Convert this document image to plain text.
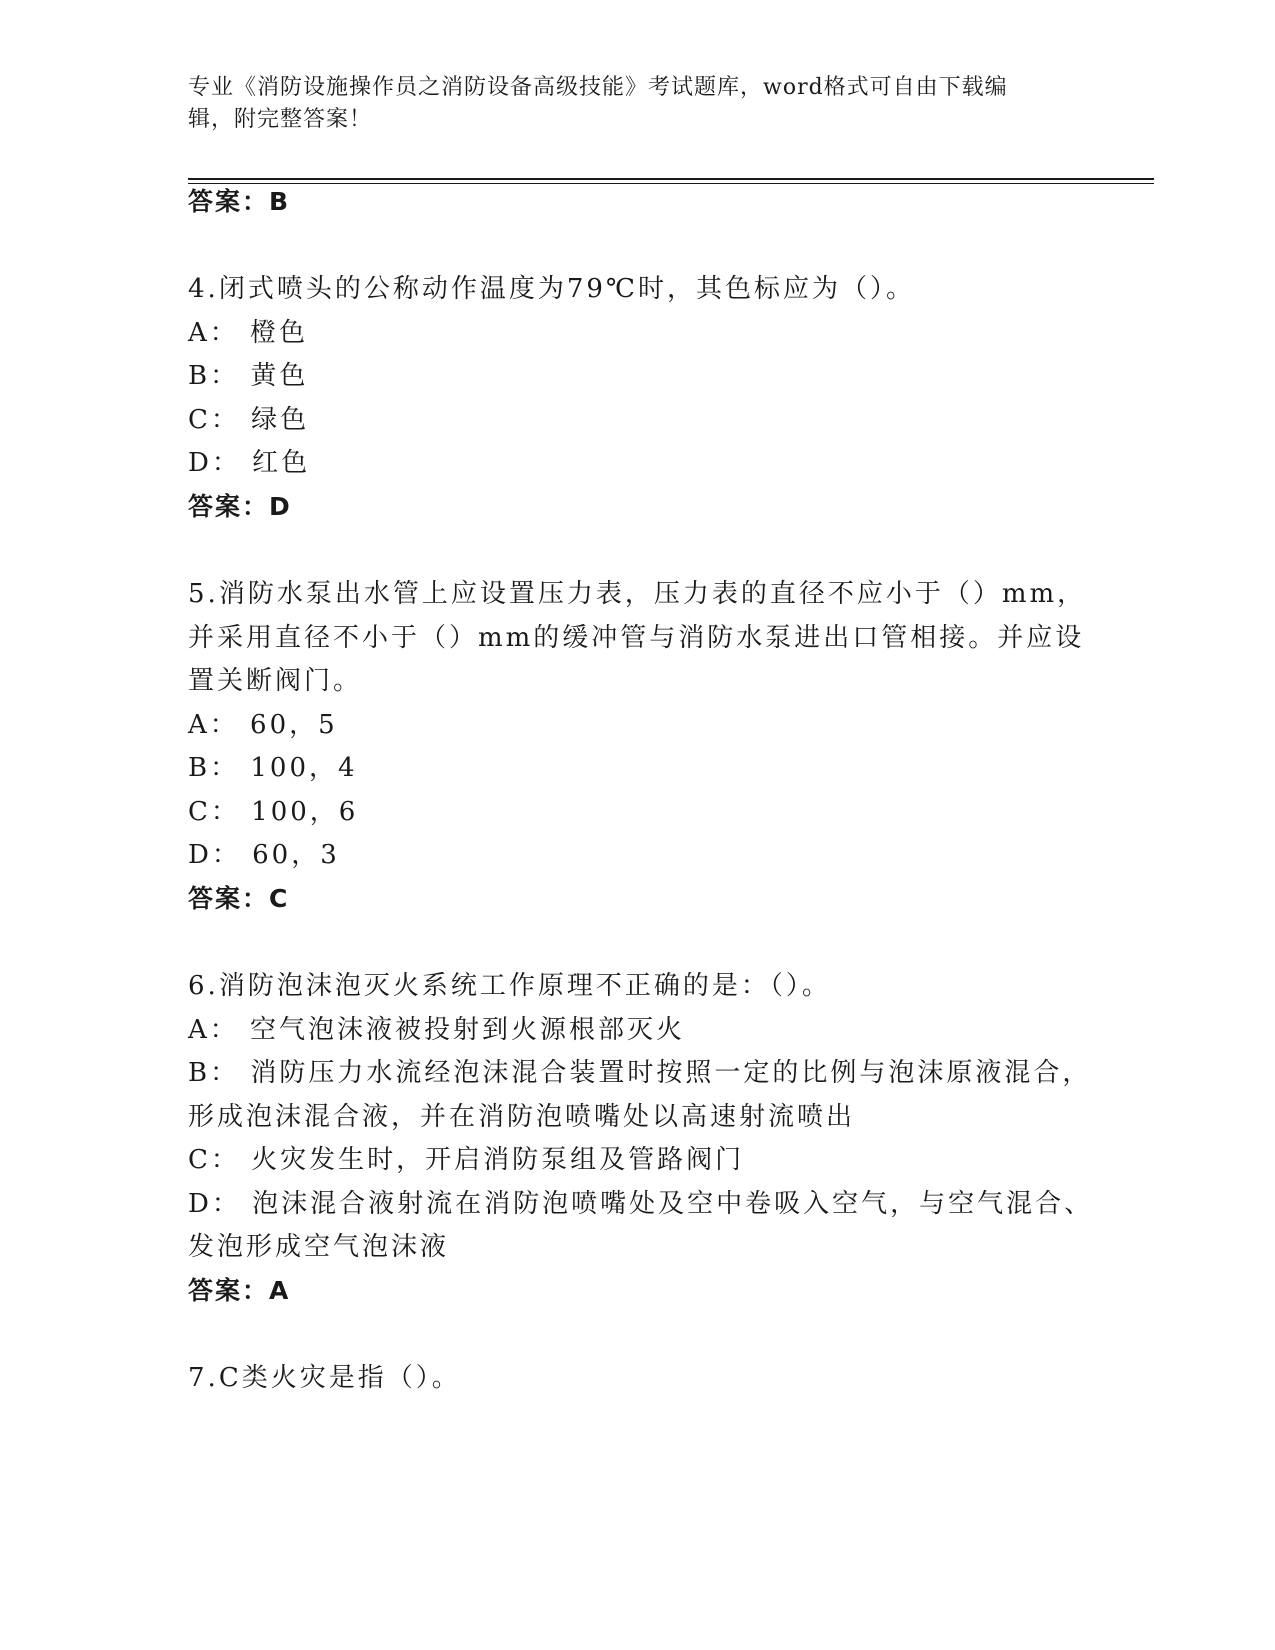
专业《消防设施操作员之消防设备高级技能》考试题库，word格式可自由下载编
辑，附完整答案！
答案：B
4.闭式喷头的公称动作温度为79℃时，其色标应为（）。
A： 橙色
B： 黄色
C： 绿色
D： 红色
答案：D
5.消防水泵出水管上应设置压力表，压力表的直径不应小于（）mm，
并采用直径不小于（）mm的缓冲管与消防水泵进出口管相接。并应设
置关断阀门。
A： 60，5
B： 100，4
C： 100，6
D： 60，3
答案：C
6.消防泡沫泡灭火系统工作原理不正确的是：（）。
A： 空气泡沫液被投射到火源根部灭火
B： 消防压力水流经泡沫混合装置时按照一定的比例与泡沫原液混合，
形成泡沫混合液，并在消防泡喷嘴处以高速射流喷出
C： 火灾发生时，开启消防泵组及管路阀门
D： 泡沫混合液射流在消防泡喷嘴处及空中卷吸入空气，与空气混合、
发泡形成空气泡沫液
答案：A
7.C类火灾是指（）。
